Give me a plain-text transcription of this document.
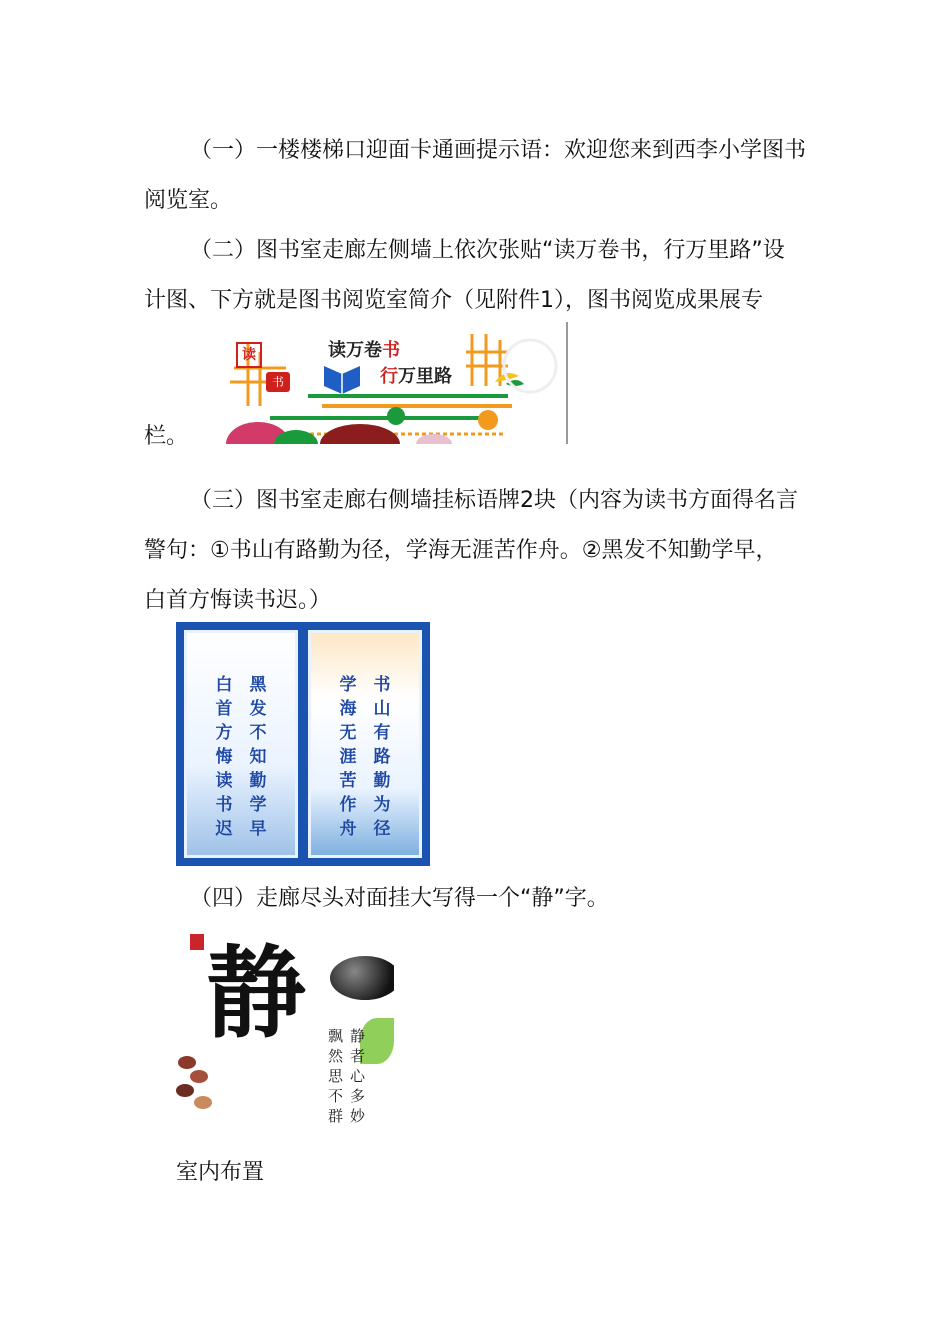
（一）一楼楼梯口迎面卡通画提示语：欢迎您来到西李小学图书
阅览室。
（二）图书室走廊左侧墙上依次张贴“读万卷书，行万里路”设
计图、下方就是图书阅览室简介（见附件1），图书阅览成果展专
读
书
读万卷书
行万里路
栏。
（三）图书室走廊右侧墙挂标语牌2块（内容为读书方面得名言
警句：①书山有路勤为径，学海无涯苦作舟。②黑发不知勤学早，
白首方悔读书迟。）
白首方悔读书迟
黑发不知勤学早
学海无涯苦作舟
书山有路勤为径
（四）走廊尽头对面挂大写得一个“静”字。
静	静者心多妙
飘然思不群
室内布置
